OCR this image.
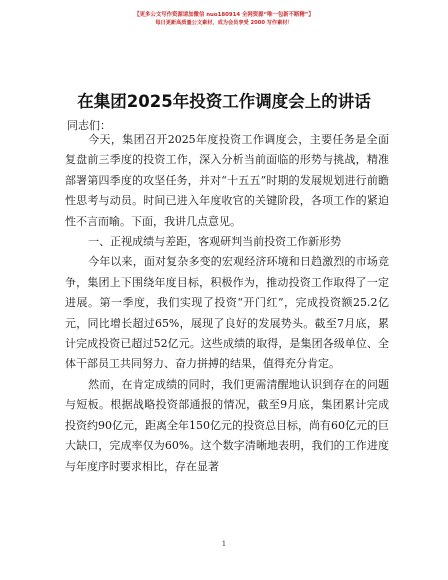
【更多公文写作资源请加微信 nuo180914 全网资源“唯一包新不断精”】
每日更新高质量公文素材，成为会员享受 2000 写作素材！
在集团2025年投资工作调度会上的讲话
同志们：

今天，集团召开2025年度投资工作调度会，主要任务是全面复盘前三季度的投资工作，深入分析当前面临的形势与挑战，精准部署第四季度的攻坚任务，并对“十五五”时期的发展规划进行前瞻性思考与动员。时间已进入年度收官的关键阶段，各项工作的紧迫性不言而喻。下面，我讲几点意见。

一、正视成绩与差距，客观研判当前投资工作新形势

今年以来，面对复杂多变的宏观经济环境和日趋激烈的市场竞争，集团上下围绕年度目标，积极作为，推动投资工作取得了一定进展。第一季度，我们实现了投资“开门红”，完成投资额25.2亿元，同比增长超过65%，展现了良好的发展势头。截至7月底，累计完成投资已超过52亿元。这些成绩的取得，是集团各级单位、全体干部员工共同努力、奋力拼搏的结果，值得充分肯定。

然而，在肯定成绩的同时，我们更需清醒地认识到存在的问题与短板。根据战略投资部通报的情况，截至9月底，集团累计完成投资约90亿元，距离全年150亿元的投资总目标，尚有60亿元的巨大缺口，完成率仅为60%。这个数字清晰地表明，我们的工作进度与年度序时要求相比，存在显著

1
